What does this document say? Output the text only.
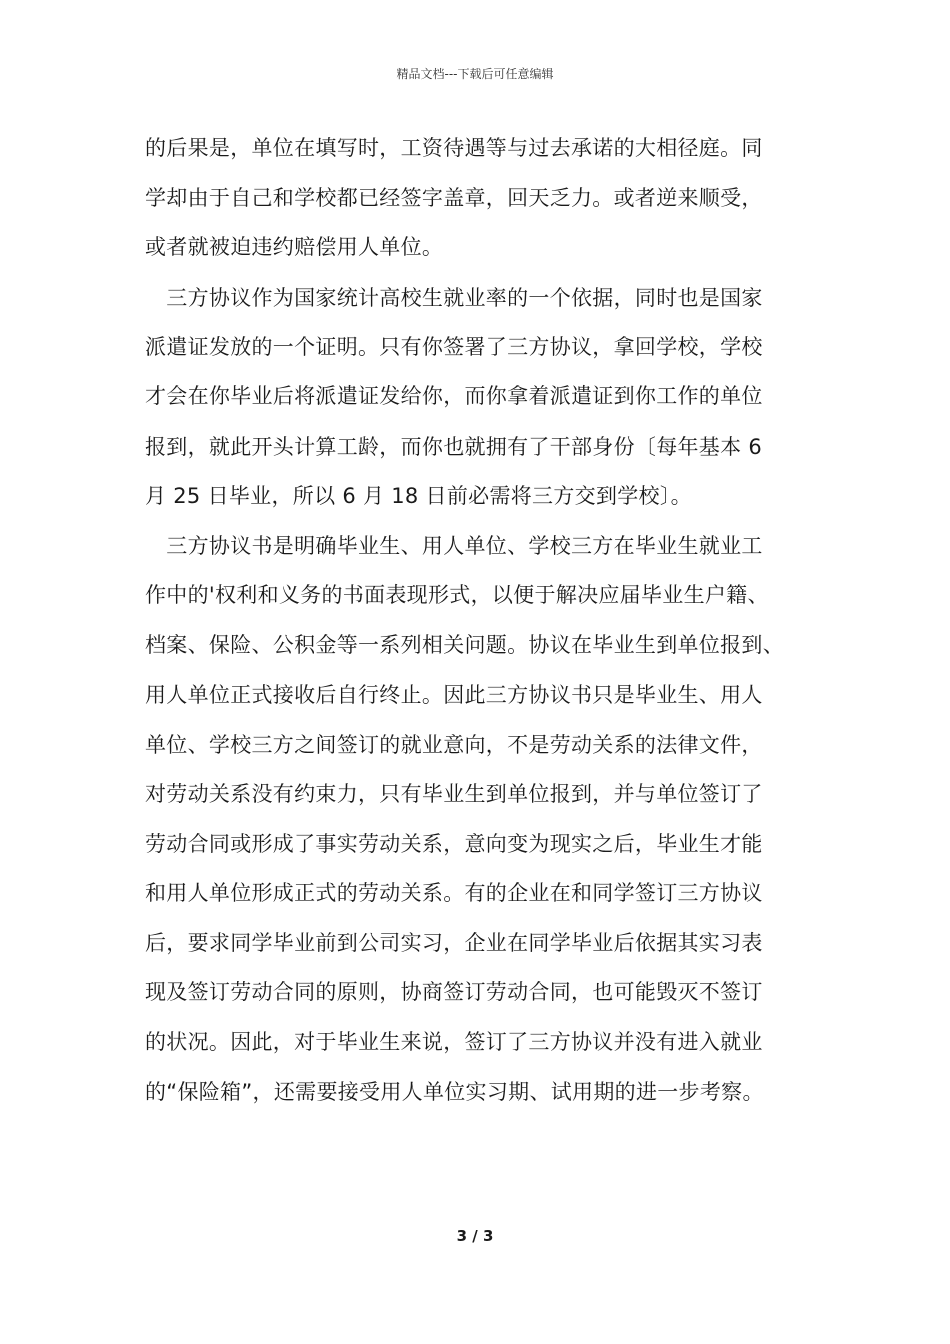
精品文档---下载后可任意编辑
的后果是，单位在填写时，工资待遇等与过去承诺的大相径庭。同
学却由于自己和学校都已经签字盖章，回天乏力。或者逆来顺受，
或者就被迫违约赔偿用人单位。
　三方协议作为国家统计高校生就业率的一个依据，同时也是国家
派遣证发放的一个证明。只有你签署了三方协议，拿回学校，学校
才会在你毕业后将派遣证发给你，而你拿着派遣证到你工作的单位
报到，就此开头计算工龄，而你也就拥有了干部身份〔每年基本 6
月 25 日毕业，所以 6 月 18 日前必需将三方交到学校〕。
　三方协议书是明确毕业生、用人单位、学校三方在毕业生就业工
作中的'权利和义务的书面表现形式，以便于解决应届毕业生户籍、
档案、保险、公积金等一系列相关问题。协议在毕业生到单位报到、
用人单位正式接收后自行终止。因此三方协议书只是毕业生、用人
单位、学校三方之间签订的就业意向，不是劳动关系的法律文件，
对劳动关系没有约束力，只有毕业生到单位报到，并与单位签订了
劳动合同或形成了事实劳动关系，意向变为现实之后，毕业生才能
和用人单位形成正式的劳动关系。有的企业在和同学签订三方协议
后，要求同学毕业前到公司实习，企业在同学毕业后依据其实习表
现及签订劳动合同的原则，协商签订劳动合同，也可能毁灭不签订
的状况。因此，对于毕业生来说，签订了三方协议并没有进入就业
的“保险箱”，还需要接受用人单位实习期、试用期的进一步考察。
3 / 3
